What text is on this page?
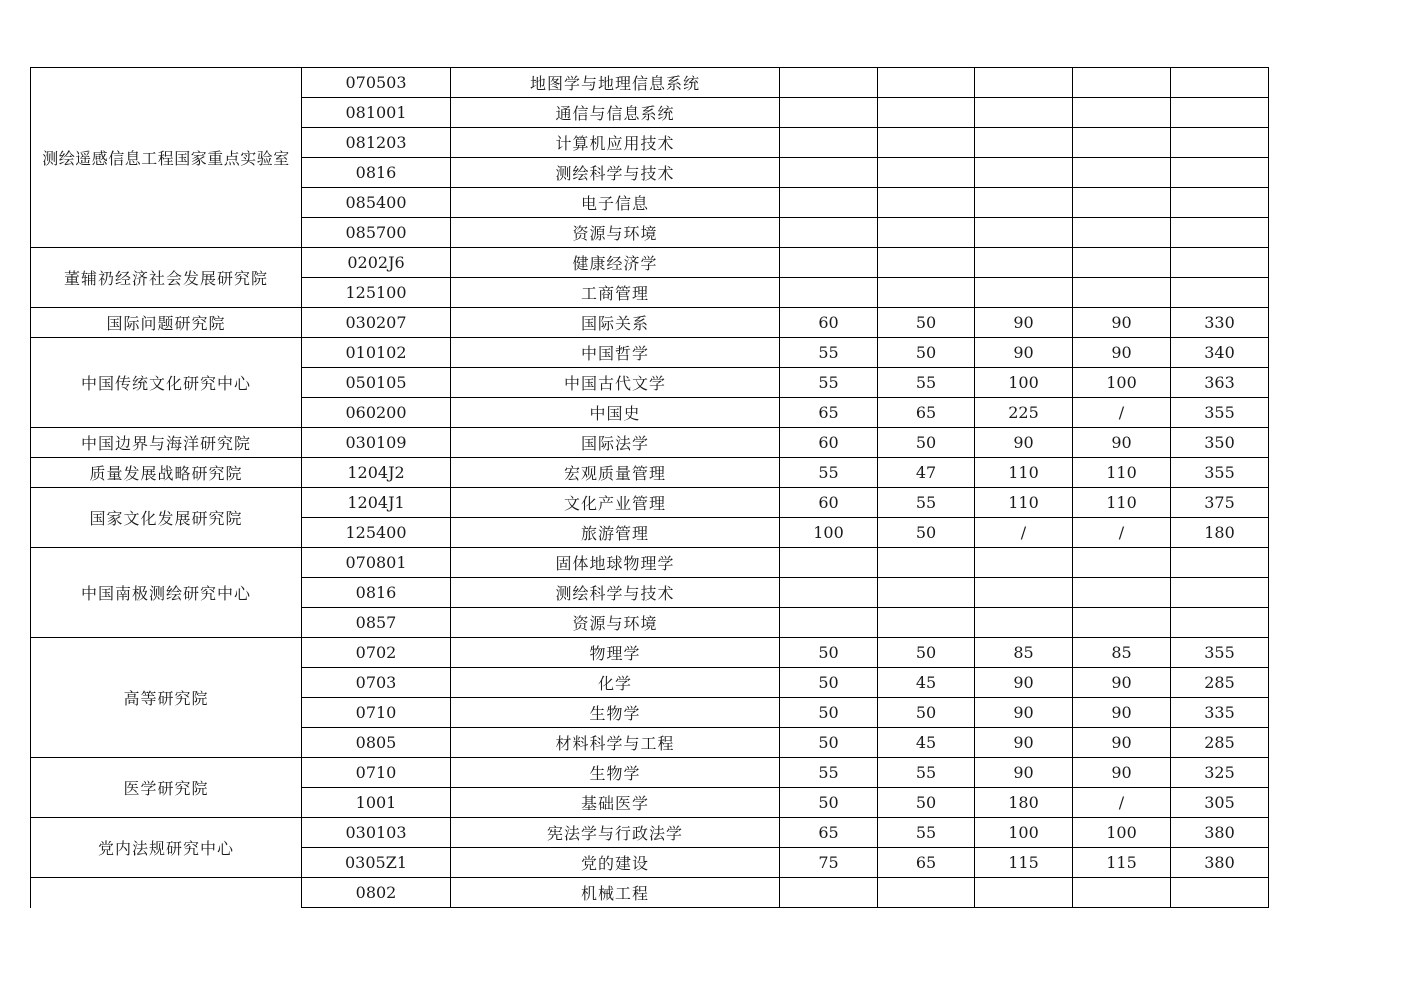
测绘遥感信息工程国家重点实验室	070503	地图学与地理信息系统					
	081001	通信与信息系统					
	081203	计算机应用技术					
	0816	测绘科学与技术					
	085400	电子信息					
	085700	资源与环境					
董辅礽经济社会发展研究院	0202J6	健康经济学					
	125100	工商管理					
国际问题研究院	030207	国际关系	60	50	90	90	330
中国传统文化研究中心	010102	中国哲学	55	50	90	90	340
	050105	中国古代文学	55	55	100	100	363
	060200	中国史	65	65	225	/	355
中国边界与海洋研究院	030109	国际法学	60	50	90	90	350
质量发展战略研究院	1204J2	宏观质量管理	55	47	110	110	355
国家文化发展研究院	1204J1	文化产业管理	60	55	110	110	375
	125400	旅游管理	100	50	/	/	180
中国南极测绘研究中心	070801	固体地球物理学					
	0816	测绘科学与技术					
	0857	资源与环境					
高等研究院	0702	物理学	50	50	85	85	355
	0703	化学	50	45	90	90	285
	0710	生物学	50	50	90	90	335
	0805	材料科学与工程	50	45	90	90	285
医学研究院	0710	生物学	55	55	90	90	325
	1001	基础医学	50	50	180	/	305
党内法规研究中心	030103	宪法学与行政法学	65	55	100	100	380
	0305Z1	党的建设	75	65	115	115	380
	0802	机械工程					
